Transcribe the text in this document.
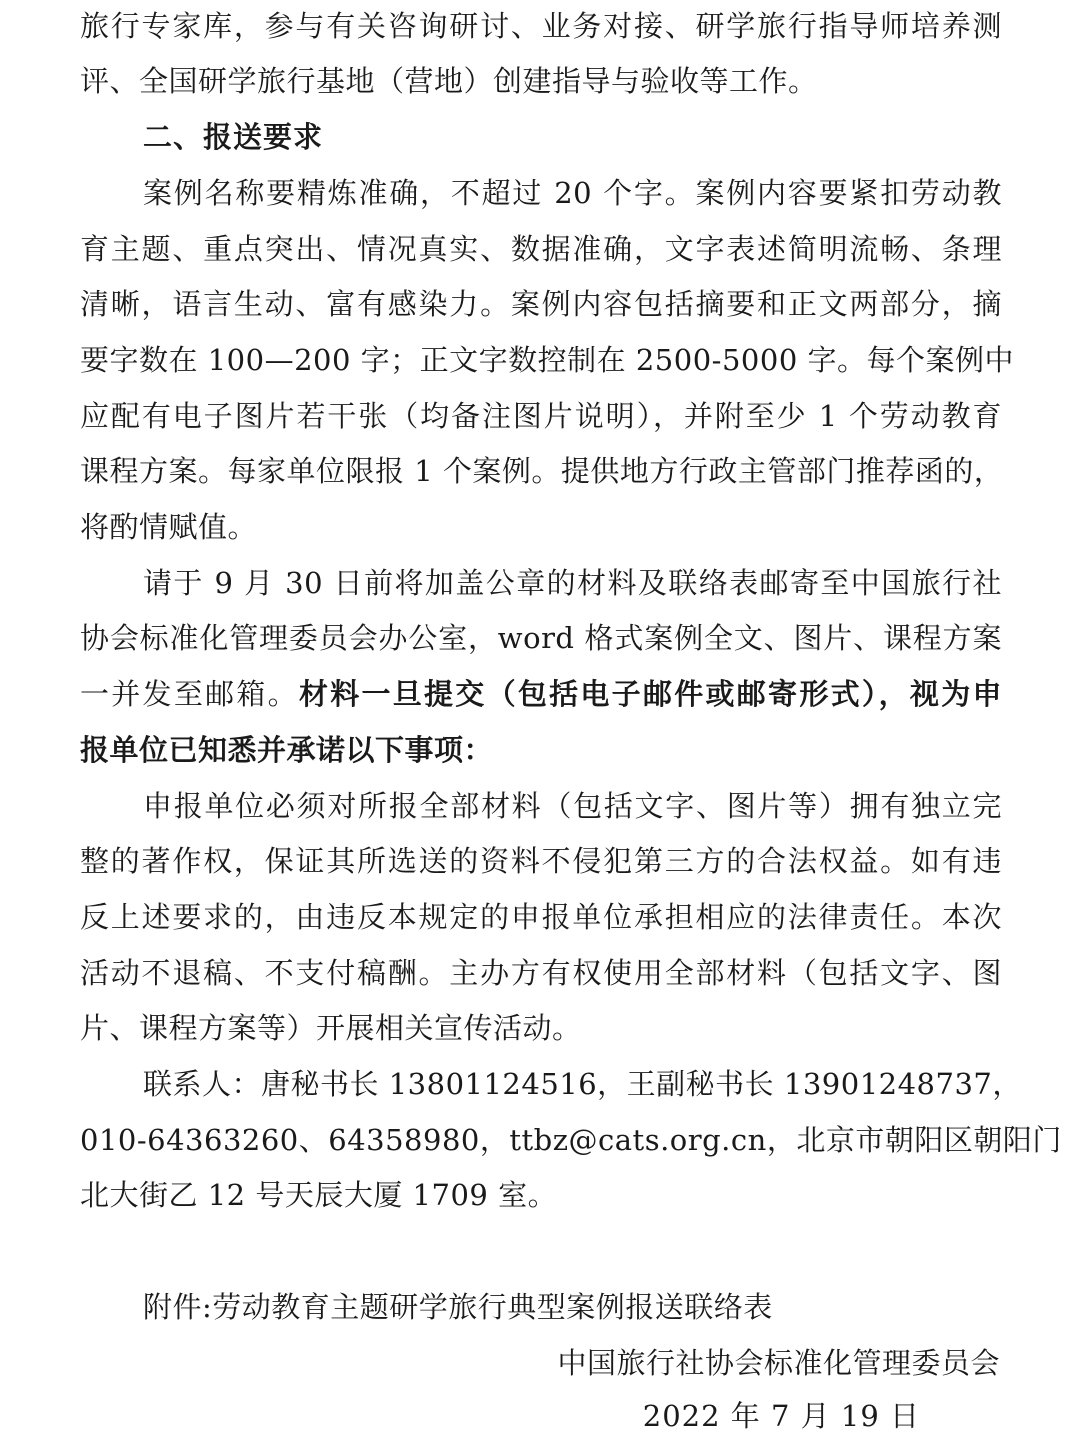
旅行专家库，参与有关咨询研讨、业务对接、研学旅行指导师培养测
评、全国研学旅行基地（营地）创建指导与验收等工作。
二、报送要求
案例名称要精炼准确，不超过 20 个字。案例内容要紧扣劳动教
育主题、重点突出、情况真实、数据准确，文字表述简明流畅、条理
清晰，语言生动、富有感染力。案例内容包括摘要和正文两部分，摘
要字数在 100—200 字；正文字数控制在 2500-5000 字。每个案例中
应配有电子图片若干张（均备注图片说明），并附至少 1 个劳动教育
课程方案。每家单位限报 1 个案例。提供地方行政主管部门推荐函的，
将酌情赋值。
请于 9 月 30 日前将加盖公章的材料及联络表邮寄至中国旅行社
协会标准化管理委员会办公室，word 格式案例全文、图片、课程方案
一并发至邮箱。材料一旦提交（包括电子邮件或邮寄形式），视为申
报单位已知悉并承诺以下事项：
申报单位必须对所报全部材料（包括文字、图片等）拥有独立完
整的著作权，保证其所选送的资料不侵犯第三方的合法权益。如有违
反上述要求的，由违反本规定的申报单位承担相应的法律责任。本次
活动不退稿、不支付稿酬。主办方有权使用全部材料（包括文字、图
片、课程方案等）开展相关宣传活动。
联系人：唐秘书长 13801124516，王副秘书长 13901248737，
010-64363260、64358980，ttbz@cats.org.cn，北京市朝阳区朝阳门
北大街乙 12 号天辰大厦 1709 室。
附件:劳动教育主题研学旅行典型案例报送联络表
中国旅行社协会标准化管理委员会
2022 年 7 月 19 日
